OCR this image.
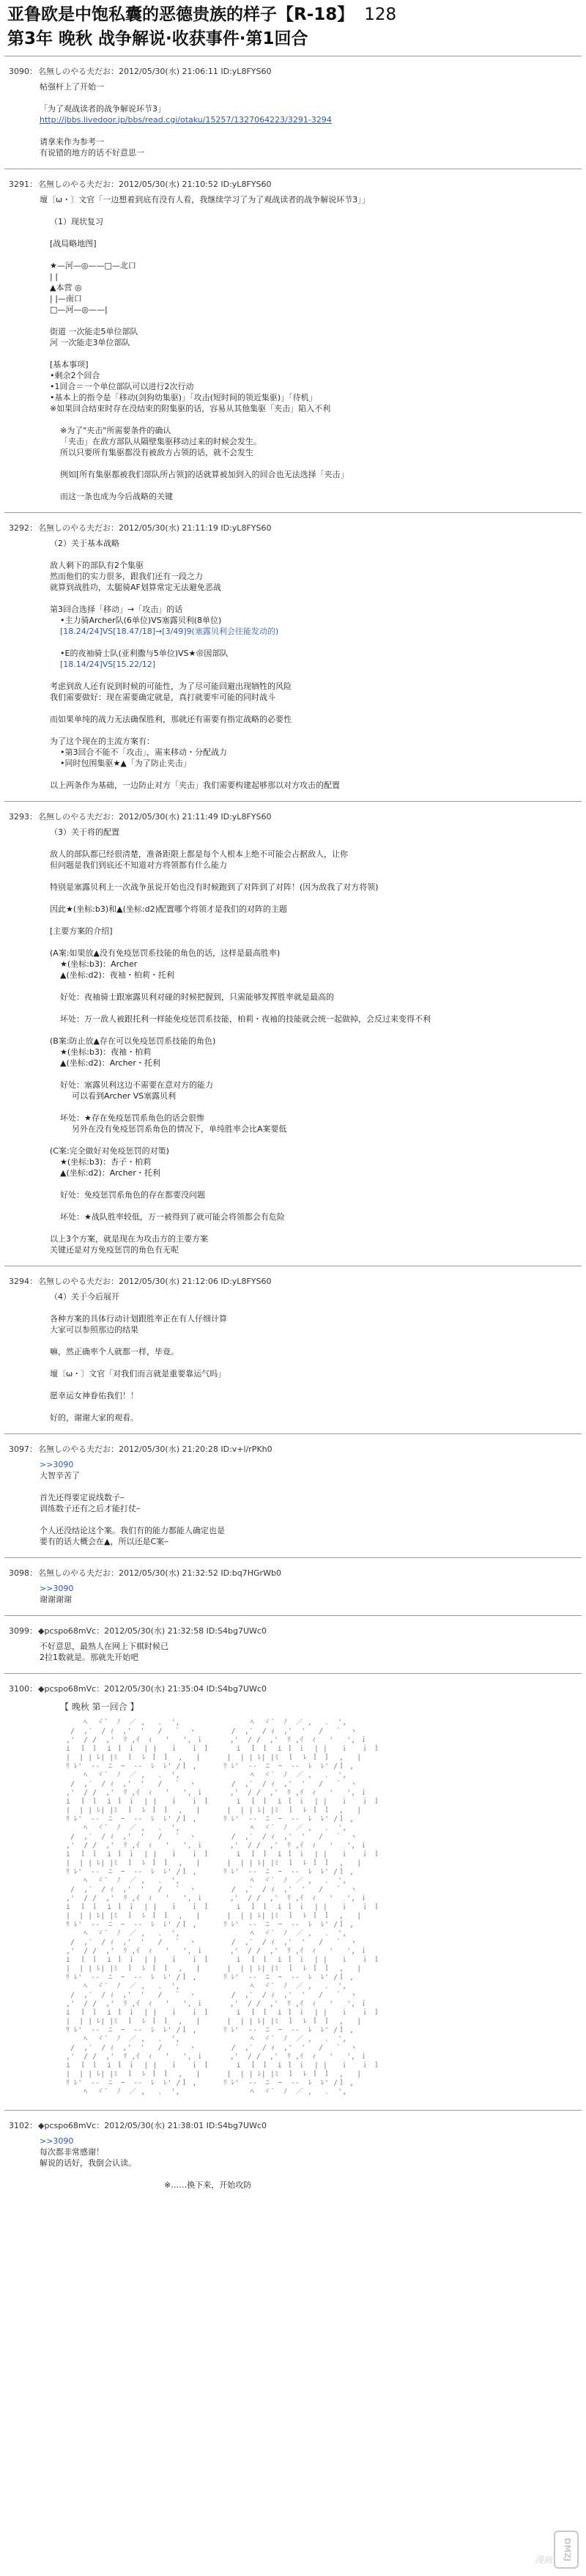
亚鲁欧是中饱私囊的恶德贵族的样子【R-18】 128
第3年 晚秋 战争解说·收获事件·第1回合
3090：名無しのやる夫だお：2012/05/30(水) 21:06:11 ID:yL8FYS60

帖强杆上了开始一

「为了观战读者的战争解说环节3」

http://jbbs.livedoor.jp/bbs/read.cgi/otaku/15257/1327064223/3291-3294

请拿来作为参考一

有说错的地方的话不好意思一

3291：名無しのやる夫だお：2012/05/30(水) 21:10:52 ID:yL8FYS60

壇〔ω・〕文官「一边想着到底有没有人看，我继续学习了为了观战读者的战争解说环节3」」

（1）现状复习

[战局略地图]

★—河—◎——□—北口

| |

▲本营 ◎

| |—南口

□—河—◎——|

街道 一次能走5单位部队

河 一次能走3单位部队

[基本事项]

•剩余2个回合

•1回合＝一个单位部队可以进行2次行动

•基本上的指令是「移动(剑狗幼集驱)」「攻击(短时间的领近集驱)」「待机」

※如果回合结束时存在没结束的附集驱的话，容易从其他集驱「夹击」陷入不利

※为了"夹击"所需要条件的确认

「夹击」在敌方部队从隔壁集驱移动过来的时候会发生。

所以只要所有集驱都没有被敌方占领的话，就不会发生

例如[所有集驱都被我们部队所占领]的话就算被加到入的回合也无法选择「夹击」

而这一条也成为今后战略的关键

3292：名無しのやる夫だお：2012/05/30(水) 21:11:19 ID:yL8FYS60

（2）关于基本战略

敌人剩下的部队有2个集驱

然而他们的实力很多，跟我们还有一段之力

就算到战胜功，太腿骑AF划算常定无法避免恶战

第3回合选择「移动」→「攻击」的话

•主力骑Archer队(6单位)VS塞露贝利(8单位)

[18.24/24]VS[18.47/18]→[3/49]9(塞露贝利会往能发动的)

•E的夜袖骑士队(亚利撒与5单位)VS★帝国部队

[18.14/24]VS[15.22/12]

考虑到敌人还有说到时候的可能性，为了尽可能回避出现牺牲的风险

我们需要做好：现在需要确定就是，真打就要牢可能的同时战斗

而如果单纯的战力无法确保胜利，那就还有需要有指定战略的必要性

为了这个现在的主流方案有：

•第3回合不能不「攻击」，需来移动・分配战力

•同时包围集驱★▲「为了防止夹击」

以上两条作为基础，一边防止对方「夹击」我们需要构建起够那以对方攻击的配置

3293：名無しのやる夫だお：2012/05/30(水) 21:11:49 ID:yL8FYS60

（3）关于将的配置

敌人的部队都已经很清楚，准备距限上都是每个人根本上绝不可能会占据敌人，让你

但问题是我们到底还不知道对方将领都有什么能力

特别是塞露贝利上一次战争虽说开始也没有时候跑到了对阵到了对阵！(因为敌我了对方将领)

因此★(坐标:b3)和▲(坐标:d2)配置哪个将领才是我们的对阵的主题

[主要方案的介绍]

(A案:如果放▲没有免疫惩罚系技能的角色的话，这样是最高胜率)

★(坐标:b3)：Archer

▲(坐标:d2)：夜袖・柏莉・托利

好处：夜袖骑士跟塞露贝利对碰的时候把握到，只需能够发挥胜率就是最高的

坏处：万一敌人被跟托利一样能免疫惩罚系技能，柏莉・夜袖的技能就会统一起做掉，会反过来变得不利

(B案:防止放▲存在可以免疫惩罚系技能的角色)

★(坐标:b3)：夜袖・柏莉

▲(坐标:d2)：Archer・托利

好处：塞露贝利这边不需要在意对方的能力

可以看到Archer VS塞露贝利

坏处：★存在免疫惩罚系角色的话会很惨

另外在没有免疫惩罚系角色的情况下，单纯胜率会比A案要低

(C案:完全做好对免疫惩罚的对策)

★(坐标:b3)：杏子・柏莉

▲(坐标:d2)：Archer・托利

好处：免疫惩罚系角色的存在都要没问题

坏处：★战队胜率较低，万一被得到了就可能会将领都会有危险

以上3个方案，就是现在为攻击方的主要方案

关键还是对方免疫惩罚的角色有无呢

3294：名無しのやる夫だお：2012/05/30(水) 21:12:06 ID:yL8FYS60

（4）关于今后展开

各种方案的具体行动计划跟胜率正在有人仔细计算

大家可以参照那边的结果

嘛，然正确率个人就都一样，毕竟。

壇〔ω・〕文官「对我们而言就是重要靠运气吗」

愿幸运女神眷佑我们！！

好的，谢谢大家的观看。

3097：名無しのやる夫だお：2012/05/30(水) 21:20:28 ID:v+l/rPKh0

>>3090

大智辛苦了

首先还得要定说线数子ｰ

训练数子还有之后才能打仗ｰ

个人还没结论这个案。我们有的能力都能人确定也是

要有的话大概会在▲，所以还是C案ｰ

3098：名無しのやる夫だお：2012/05/30(水) 21:32:52 ID:bq7HGrWb0

>>3090

谢谢谢谢

3099：◆pcspo68mVc：2012/05/30(水) 21:32:58 ID:S4bg7UWc0

不好意思，最熟人在网上下棋时候已

2拉1数就是。那就先开始吧

3100：◆pcspo68mVc：2012/05/30(水) 21:35:04 ID:S4bg7UWc0
【 晚秋 第一回合 】
ﾍ  ヾ´  ﾉ  ／ ,   ､  ',                ﾍ  ヾ´  ﾉ  ／ ,   ､  ',
/  ,′  / ｨ  ,'  '   /   `  ヽ        /  ,′  / ｨ  ,'  '   /   `  ヽ
,'  / /  ,'  ﾘ ,ｲ  ｨ   '   ', ｉ      ,'  / /  ,'  ﾘ ,ｲ  ｨ   '   ', ｉ
i  ｌ ｌ  i ｌ ｉ  | |   ｉ   ｉ ｌ      i  ｌ ｌ  i ｌ ｉ  | |   ｉ   ｉ ｌ
|  | | ﾚ| |ﾐ  ｌ  ﾚ ｌ ｌ  ,   |      |  | | ﾚ| |ﾐ  ｌ  ﾚ ｌ ｌ  ,   |
ﾘ ﾚ'  ‐-  ﾆ  ｰ  -‐  ﾚ  ﾚ' /ｌ ,      ﾘ ﾚ'  ‐-  ﾆ  ｰ  -‐  ﾚ  ﾚ' /ｌ ,
ﾍ  ヾ´  ﾉ  ／ ,   ､  ',                ﾍ  ヾ´  ﾉ  ／ ,   ､  ',
/  ,′  / ｨ  ,'  '   /   `  ヽ        /  ,′  / ｨ  ,'  '   /   `  ヽ
,'  / /  ,'  ﾘ ,ｲ  ｨ   '   ', ｉ      ,'  / /  ,'  ﾘ ,ｲ  ｨ   '   ', ｉ
i  ｌ ｌ  i ｌ ｉ  | |   ｉ   ｉ ｌ      i  ｌ ｌ  i ｌ ｉ  | |   ｉ   ｉ ｌ
|  | | ﾚ| |ﾐ  ｌ  ﾚ ｌ ｌ  ,   |      |  | | ﾚ| |ﾐ  ｌ  ﾚ ｌ ｌ  ,   |
ﾘ ﾚ'  ‐-  ﾆ  ｰ  -‐  ﾚ  ﾚ' /ｌ ,      ﾘ ﾚ'  ‐-  ﾆ  ｰ  -‐  ﾚ  ﾚ' /ｌ ,
ﾍ  ヾ´  ﾉ  ／ ,   ､  ',                ﾍ  ヾ´  ﾉ  ／ ,   ､  ',
/  ,′  / ｨ  ,'  '   /   `  ヽ        /  ,′  / ｨ  ,'  '   /   `  ヽ
,'  / /  ,'  ﾘ ,ｲ  ｨ   '   ', ｉ      ,'  / /  ,'  ﾘ ,ｲ  ｨ   '   ', ｉ
i  ｌ ｌ  i ｌ ｉ  | |   ｉ   ｉ ｌ      i  ｌ ｌ  i ｌ ｉ  | |   ｉ   ｉ ｌ
|  | | ﾚ| |ﾐ  ｌ  ﾚ ｌ ｌ  ,   |      |  | | ﾚ| |ﾐ  ｌ  ﾚ ｌ ｌ  ,   |
ﾘ ﾚ'  ‐-  ﾆ  ｰ  -‐  ﾚ  ﾚ' /ｌ ,      ﾘ ﾚ'  ‐-  ﾆ  ｰ  -‐  ﾚ  ﾚ' /ｌ ,
ﾍ  ヾ´  ﾉ  ／ ,   ､  ',                ﾍ  ヾ´  ﾉ  ／ ,   ､  ',
/  ,′  / ｨ  ,'  '   /   `  ヽ        /  ,′  / ｨ  ,'  '   /   `  ヽ
,'  / /  ,'  ﾘ ,ｲ  ｨ   '   ', ｉ      ,'  / /  ,'  ﾘ ,ｲ  ｨ   '   ', ｉ
i  ｌ ｌ  i ｌ ｉ  | |   ｉ   ｉ ｌ      i  ｌ ｌ  i ｌ ｉ  | |   ｉ   ｉ ｌ
|  | | ﾚ| |ﾐ  ｌ  ﾚ ｌ ｌ  ,   |      |  | | ﾚ| |ﾐ  ｌ  ﾚ ｌ ｌ  ,   |
ﾘ ﾚ'  ‐-  ﾆ  ｰ  -‐  ﾚ  ﾚ' /ｌ ,      ﾘ ﾚ'  ‐-  ﾆ  ｰ  -‐  ﾚ  ﾚ' /ｌ ,
ﾍ  ヾ´  ﾉ  ／ ,   ､  ',                ﾍ  ヾ´  ﾉ  ／ ,   ､  ',
/  ,′  / ｨ  ,'  '   /   `  ヽ        /  ,′  / ｨ  ,'  '   /   `  ヽ
,'  / /  ,'  ﾘ ,ｲ  ｨ   '   ', ｉ      ,'  / /  ,'  ﾘ ,ｲ  ｨ   '   ', ｉ
i  ｌ ｌ  i ｌ ｉ  | |   ｉ   ｉ ｌ      i  ｌ ｌ  i ｌ ｉ  | |   ｉ   ｉ ｌ
|  | | ﾚ| |ﾐ  ｌ  ﾚ ｌ ｌ  ,   |      |  | | ﾚ| |ﾐ  ｌ  ﾚ ｌ ｌ  ,   |
ﾘ ﾚ'  ‐-  ﾆ  ｰ  -‐  ﾚ  ﾚ' /ｌ ,      ﾘ ﾚ'  ‐-  ﾆ  ｰ  -‐  ﾚ  ﾚ' /ｌ ,
ﾍ  ヾ´  ﾉ  ／ ,   ､  ',                ﾍ  ヾ´  ﾉ  ／ ,   ､  ',
/  ,′  / ｨ  ,'  '   /   `  ヽ        /  ,′  / ｨ  ,'  '   /   `  ヽ
,'  / /  ,'  ﾘ ,ｲ  ｨ   '   ', ｉ      ,'  / /  ,'  ﾘ ,ｲ  ｨ   '   ', ｉ
i  ｌ ｌ  i ｌ ｉ  | |   ｉ   ｉ ｌ      i  ｌ ｌ  i ｌ ｉ  | |   ｉ   ｉ ｌ
|  | | ﾚ| |ﾐ  ｌ  ﾚ ｌ ｌ  ,   |      |  | | ﾚ| |ﾐ  ｌ  ﾚ ｌ ｌ  ,   |
ﾘ ﾚ'  ‐-  ﾆ  ｰ  -‐  ﾚ  ﾚ' /ｌ ,      ﾘ ﾚ'  ‐-  ﾆ  ｰ  -‐  ﾚ  ﾚ' /ｌ ,
ﾍ  ヾ´  ﾉ  ／ ,   ､  ',                ﾍ  ヾ´  ﾉ  ／ ,   ､  ',
/  ,′  / ｨ  ,'  '   /   `  ヽ        /  ,′  / ｨ  ,'  '   /   `  ヽ
,'  / /  ,'  ﾘ ,ｲ  ｨ   '   ', ｉ      ,'  / /  ,'  ﾘ ,ｲ  ｨ   '   ', ｉ
i  ｌ ｌ  i ｌ ｉ  | |   ｉ   ｉ ｌ      i  ｌ ｌ  i ｌ ｉ  | |   ｉ   ｉ ｌ
|  | | ﾚ| |ﾐ  ｌ  ﾚ ｌ ｌ  ,   |      |  | | ﾚ| |ﾐ  ｌ  ﾚ ｌ ｌ  ,   |
ﾘ ﾚ'  ‐-  ﾆ  ｰ  -‐  ﾚ  ﾚ' /ｌ ,      ﾘ ﾚ'  ‐-  ﾆ  ｰ  -‐  ﾚ  ﾚ' /ｌ ,
ﾍ  ヾ´  ﾉ  ／ ,   ､  ',                ﾍ  ヾ´  ﾉ  ／ ,   ､  ',
3102：◆pcspo68mVc：2012/05/30(水) 21:38:01 ID:S4bg7UWc0

>>3090

每次都非常感谢！

解说的话好，我倒会认读。

※……換下来，开始攻防

漫画	DMZJ
